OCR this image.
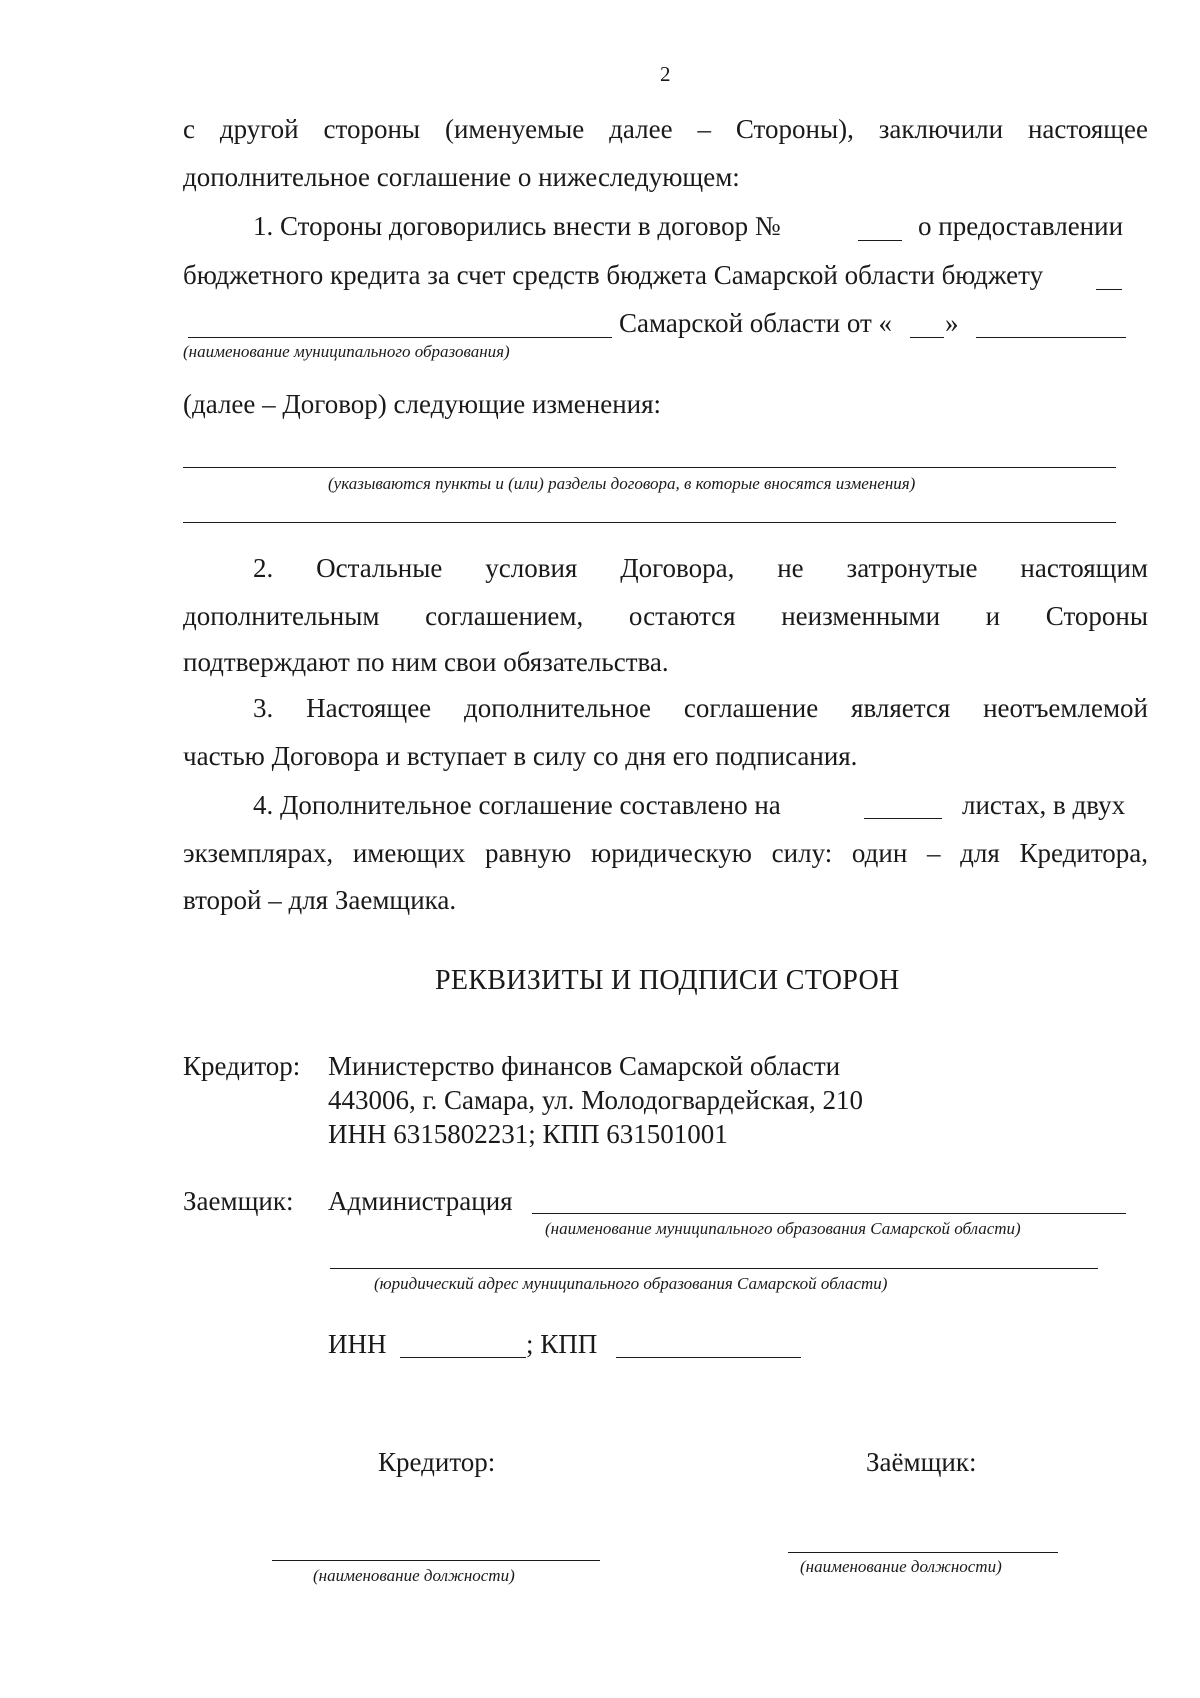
2
с другой стороны (именуемые далее – Стороны), заключили настоящее
дополнительное соглашение о нижеследующем:
1. Стороны договорились внести в договор №	о предоставлении
бюджетного кредита за счет средств бюджета Самарской области бюджету
Самарской области от « »
(наименование муниципального образования)
(далее – Договор) следующие изменения:
(указываются пункты и (или) разделы договора, в которые вносятся изменения)
2. Остальные условия Договора, не затронутые настоящим
дополнительным соглашением, остаются неизменными и Стороны
подтверждают по ним свои обязательства.
3. Настоящее дополнительное соглашение является неотъемлемой
частью Договора и вступает в силу со дня его подписания.
4. Дополнительное соглашение составлено на	листах, в двух
экземплярах, имеющих равную юридическую силу: один – для Кредитора,
второй – для Заемщика.
РЕКВИЗИТЫ И ПОДПИСИ СТОРОН
Кредитор: Министерство финансов Самарской области
443006, г. Самара, ул. Молодогвардейская, 210
ИНН 6315802231; КПП 631501001
Заемщик: Администрация
(наименование муниципального образования Самарской области)
(юридический адрес муниципального образования Самарской области)
ИНН	; КПП
Кредитор:	Заёмщик:
(наименование должности)	(наименование должности)
